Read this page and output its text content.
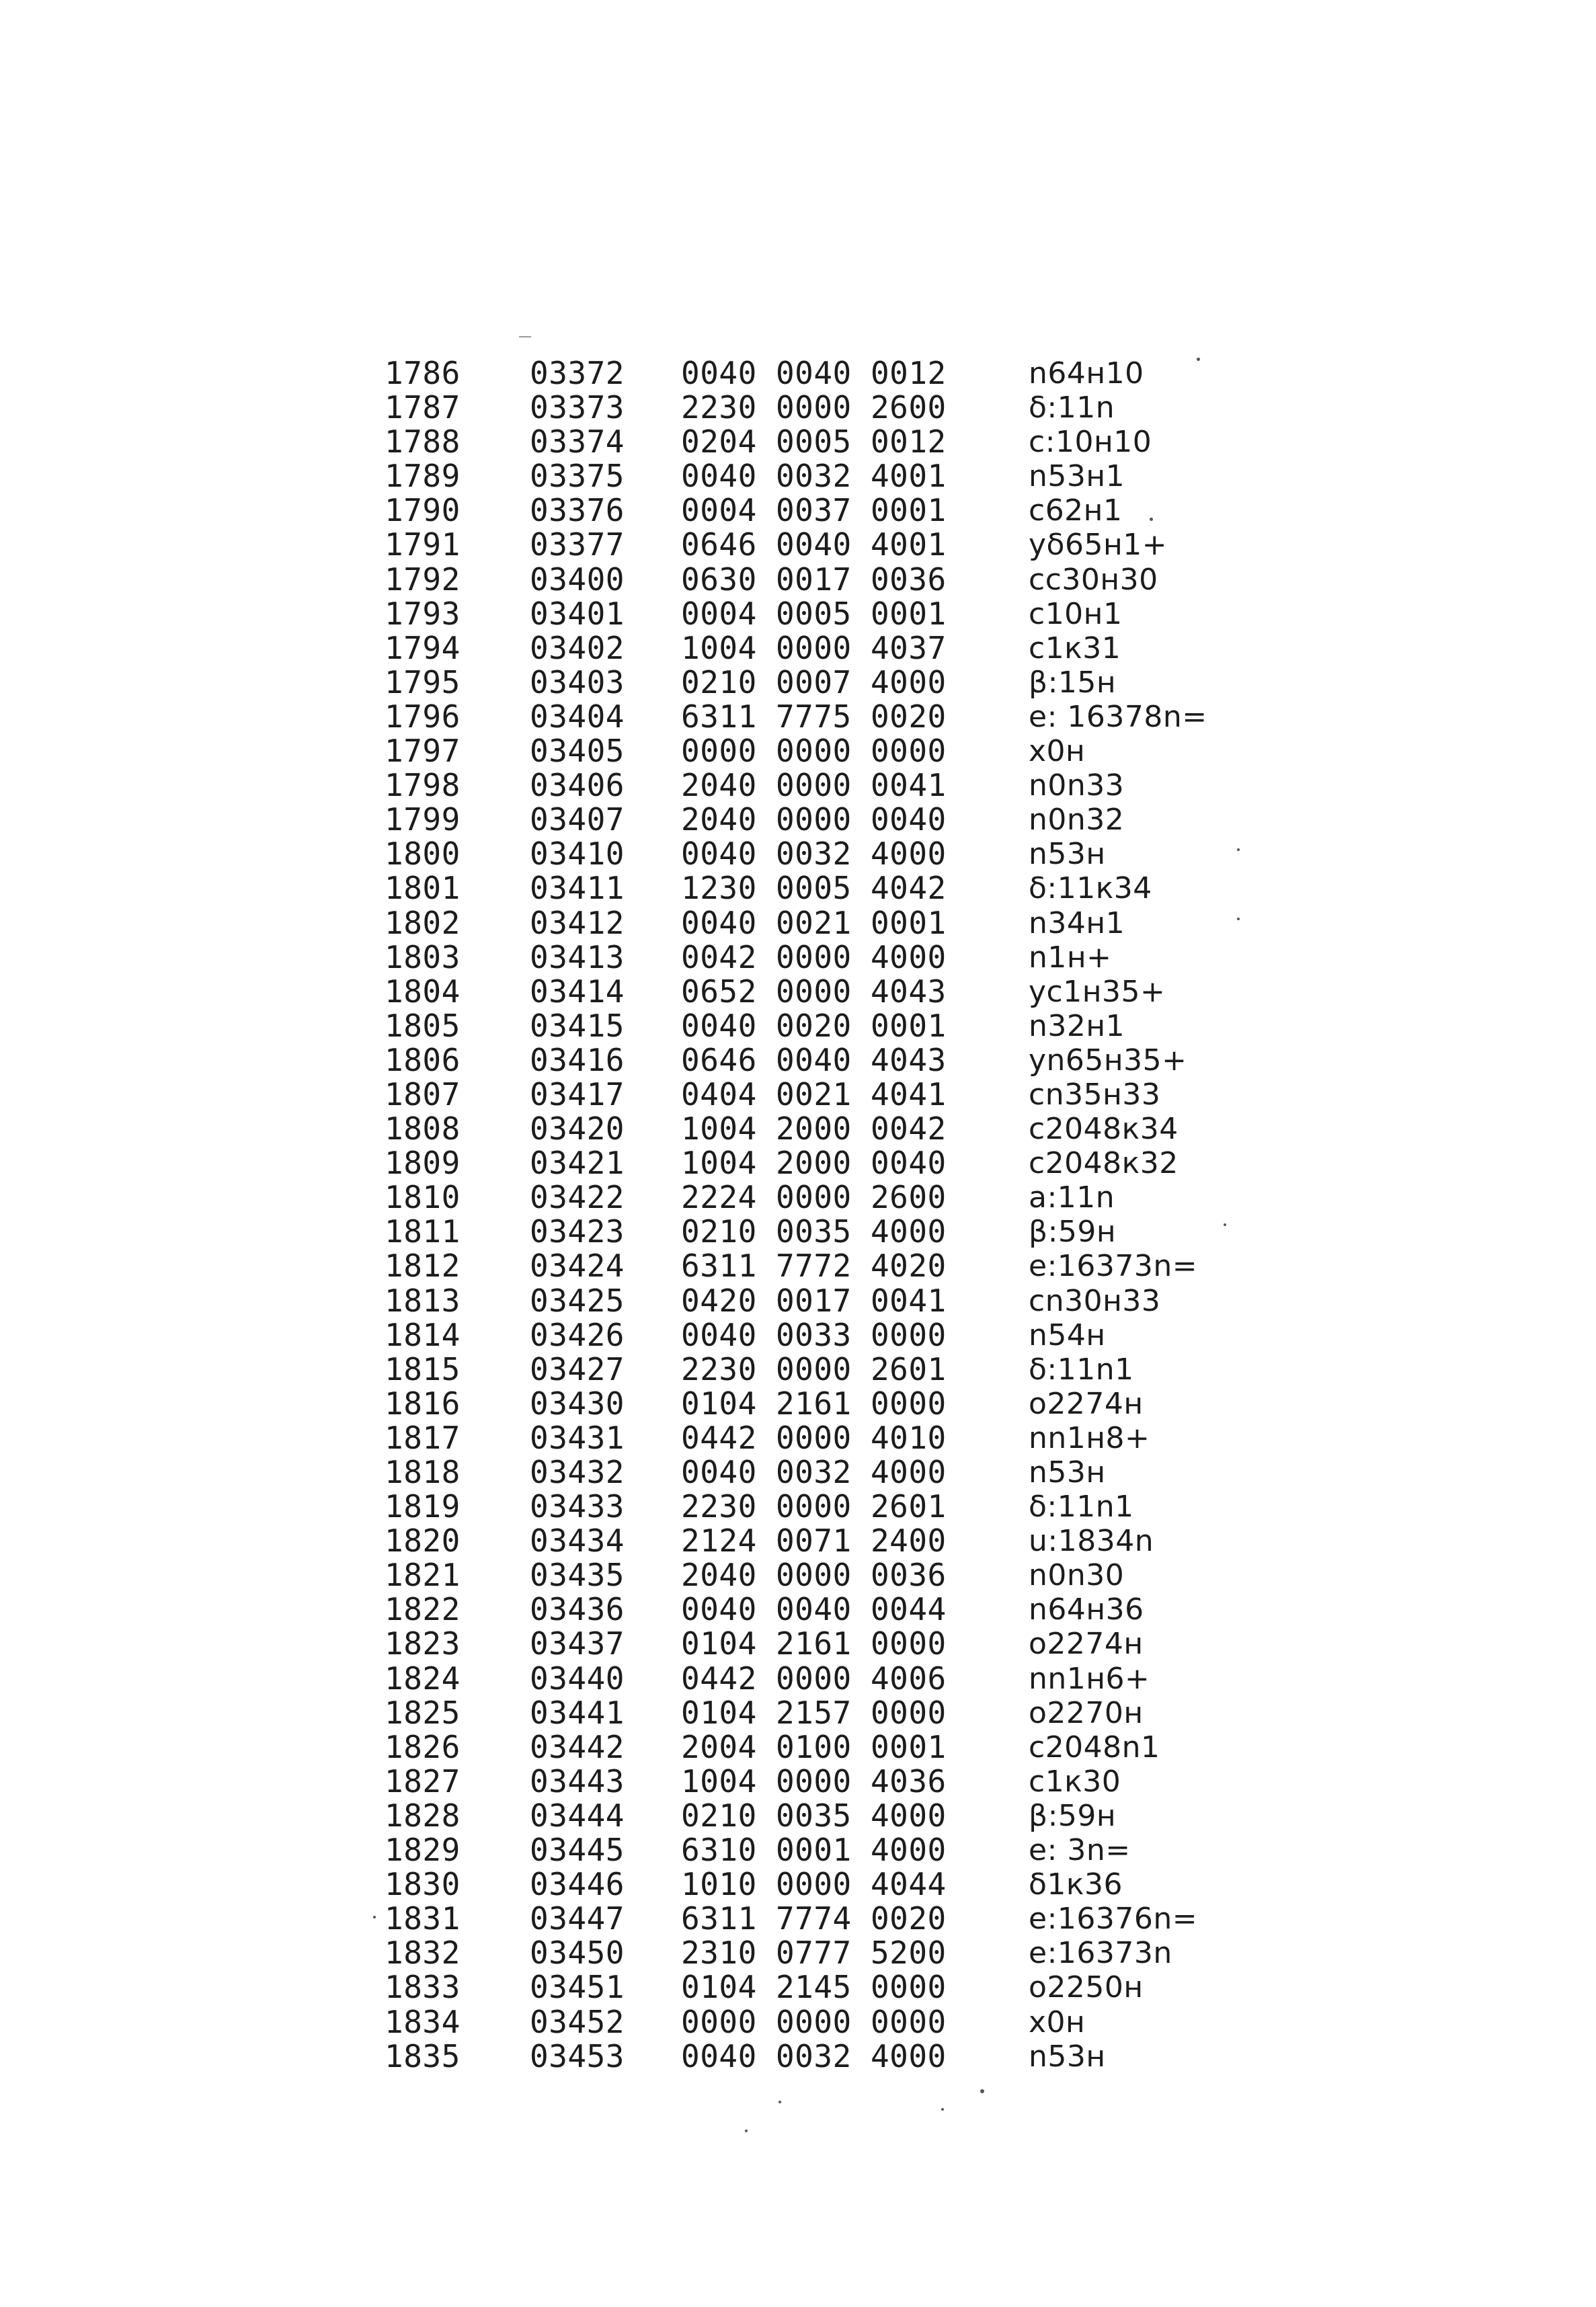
1786 03372 0040 0040 0012	n64н10
1787 03373 2230 0000 2600	δ:11n
1788 03374 0204 0005 0012	c:10н10
1789 03375 0040 0032 4001	n53н1
1790 03376 0004 0037 0001	c62н1
1791 03377 0646 0040 4001	yδ65н1+
1792 03400 0630 0017 0036	cc30н30
1793 03401 0004 0005 0001	c10н1
1794 03402 1004 0000 4037	c1к31
1795 03403 0210 0007 4000	β:15н
1796 03404 6311 7775 0020	e: 16378n=
1797 03405 0000 0000 0000	x0н
1798 03406 2040 0000 0041	n0n33
1799 03407 2040 0000 0040	n0n32
1800 03410 0040 0032 4000	n53н
1801 03411 1230 0005 4042	δ:11к34
1802 03412 0040 0021 0001	n34н1
1803 03413 0042 0000 4000	n1н+
1804 03414 0652 0000 4043	yc1н35+
1805 03415 0040 0020 0001	n32н1
1806 03416 0646 0040 4043	yn65н35+
1807 03417 0404 0021 4041	cn35н33
1808 03420 1004 2000 0042	c2048к34
1809 03421 1004 2000 0040	c2048к32
1810 03422 2224 0000 2600	a:11n
1811 03423 0210 0035 4000	β:59н
1812 03424 6311 7772 4020	e:16373n=
1813 03425 0420 0017 0041	cn30н33
1814 03426 0040 0033 0000	n54н
1815 03427 2230 0000 2601	δ:11n1
1816 03430 0104 2161 0000	o2274н
1817 03431 0442 0000 4010	nn1н8+
1818 03432 0040 0032 4000	n53н
1819 03433 2230 0000 2601	δ:11n1
1820 03434 2124 0071 2400	u:1834n
1821 03435 2040 0000 0036	n0n30
1822 03436 0040 0040 0044	n64н36
1823 03437 0104 2161 0000	o2274н
1824 03440 0442 0000 4006	nn1н6+
1825 03441 0104 2157 0000	o2270н
1826 03442 2004 0100 0001	c2048n1
1827 03443 1004 0000 4036	c1к30
1828 03444 0210 0035 4000	β:59н
1829 03445 6310 0001 4000	e: 3n=
1830 03446 1010 0000 4044	δ1к36
1831 03447 6311 7774 0020	e:16376n=
1832 03450 2310 0777 5200	e:16373n
1833 03451 0104 2145 0000	o2250н
1834 03452 0000 0000 0000	x0н
1835 03453 0040 0032 4000	n53н
